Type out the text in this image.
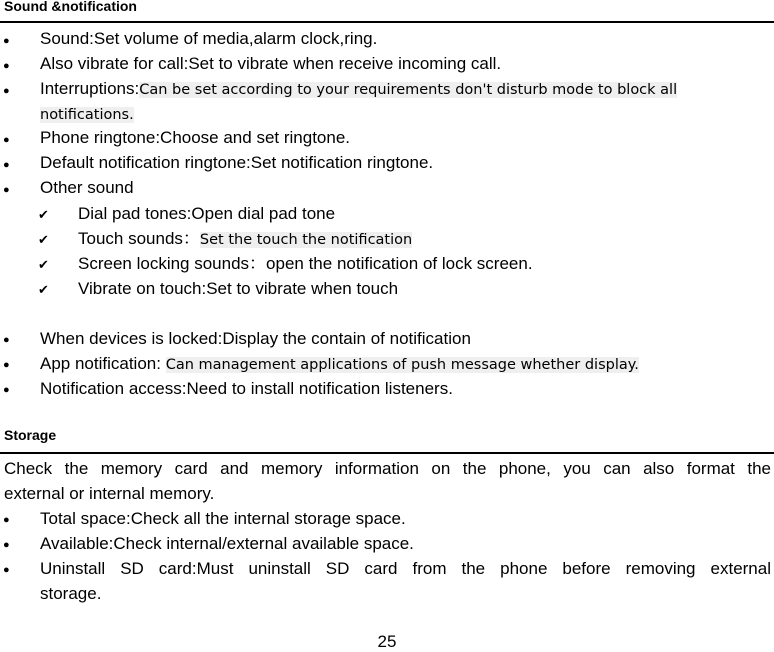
Sound &notification
● Sound:Set volume of media,alarm clock,ring.
● Also vibrate for call:Set to vibrate when receive incoming call.
● Interruptions:Can be set according to your requirements don't disturb mode to block all
notifications.
● Phone ringtone:Choose and set ringtone.
● Default notification ringtone:Set notification ringtone.
● Other sound
✔ Dial pad tones:Open dial pad tone
✔ Touch sounds：Set the touch the notification
✔ Screen locking sounds：open the notification of lock screen.
✔ Vibrate on touch:Set to vibrate when touch
● When devices is locked:Display the contain of notification
● App notification: Can management applications of push message whether display.
● Notification access:Need to install notification listeners.
Storage
Check the memory card and memory information on the phone, you can also format the
external or internal memory.
● Total space:Check all the internal storage space.
● Available:Check internal/external available space.
● Uninstall SD card:Must uninstall SD card from the phone before removing external
storage.
25
